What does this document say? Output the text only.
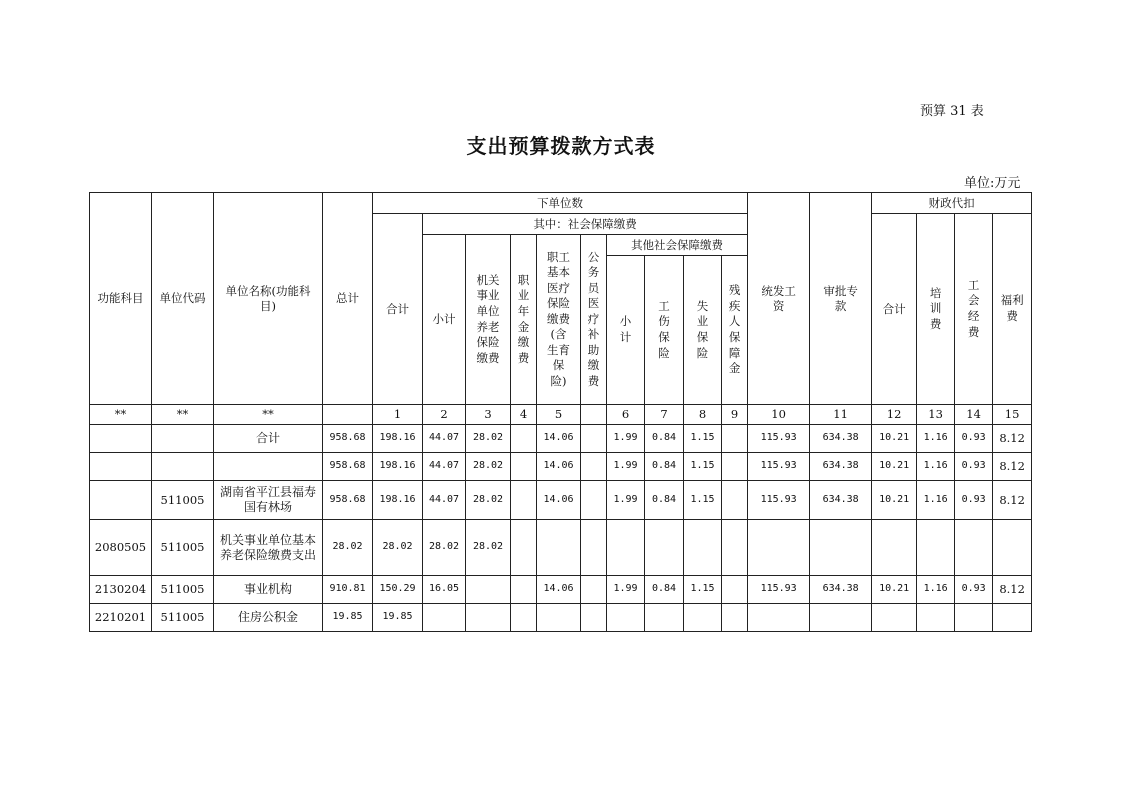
预算 31 表
支出预算拨款方式表
单位:万元
功能科目	单位代码	单位名称(功能科目)	总计	下单位数										统发工资	审批专款	财政代扣			
				合计	其中：社会保障缴费											合计	培训费	工会经费	福利费
					小计	机关事业单位养老保险缴费	职业年金缴费	职工基本医疗保险缴费(含生育保险)	公务员医疗补助缴费	其他社会保障缴费									
										小计	工伤保险	失业保险	残疾人保障金						
**	**	**		1	2	3	4	5		6	7	8	9	10	11	12	13	14	15
		合计	958.68	198.16	44.07	28.02		14.06		1.99	0.84	1.15		115.93	634.38	10.21	1.16	0.93	8.12
			958.68	198.16	44.07	28.02		14.06		1.99	0.84	1.15		115.93	634.38	10.21	1.16	0.93	8.12
	511005	湖南省平江县福寿国有林场	958.68	198.16	44.07	28.02		14.06		1.99	0.84	1.15		115.93	634.38	10.21	1.16	0.93	8.12
2080505	511005	机关事业单位基本养老保险缴费支出	28.02	28.02	28.02	28.02													
2130204	511005	事业机构	910.81	150.29	16.05			14.06		1.99	0.84	1.15		115.93	634.38	10.21	1.16	0.93	8.12
2210201	511005	住房公积金	19.85	19.85															
